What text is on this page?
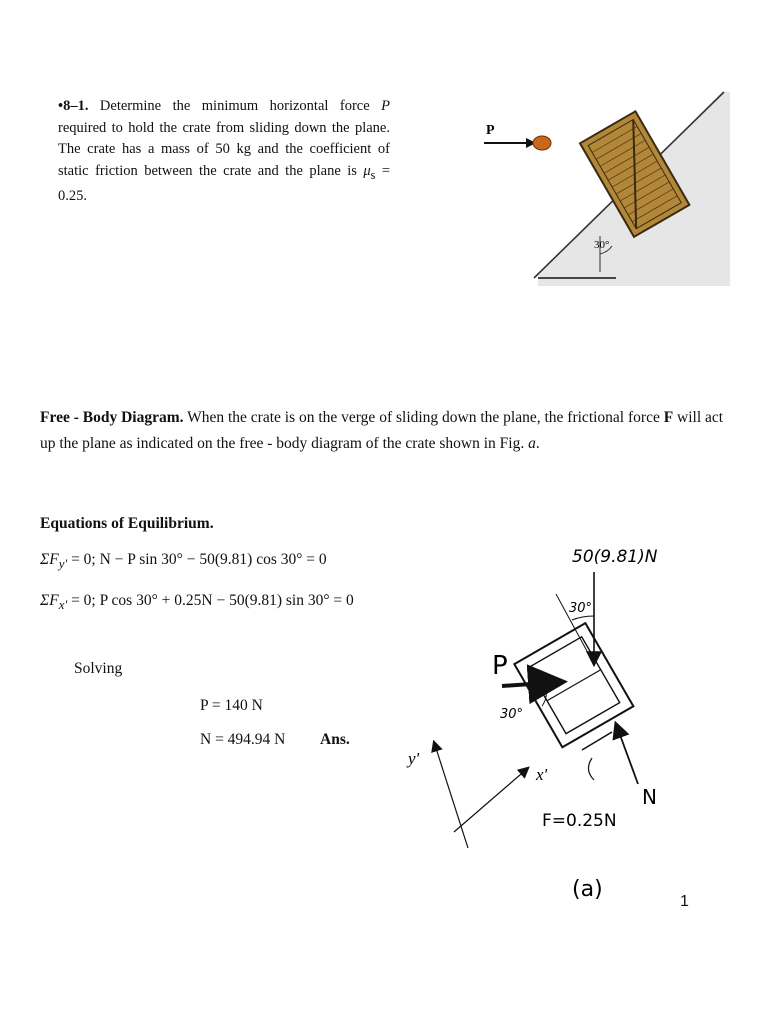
•8–1. Determine the minimum horizontal force P required to hold the crate from sliding down the plane. The crate has a mass of 50 kg and the coefficient of static friction between the crate and the plane is $\mu_s = 0.25$.

P
30°
Free - Body Diagram. When the crate is on the verge of sliding down the plane, the frictional force F will act up the plane as indicated on the free - body diagram of the crate shown in Fig. a.
Equations of Equilibrium.
$\Sigma F_{y'} = 0$; N − P sin 30° − 50(9.81) cos 30° = 0
$\Sigma F_{x'} = 0$; P cos 30° + 0.25N − 50(9.81) sin 30° = 0
Solving
P = 140 N
N = 494.94 N Ans.
50(9.81)N
30°
P
30°
N
F=0.25N
y'
x'
(a)	1
